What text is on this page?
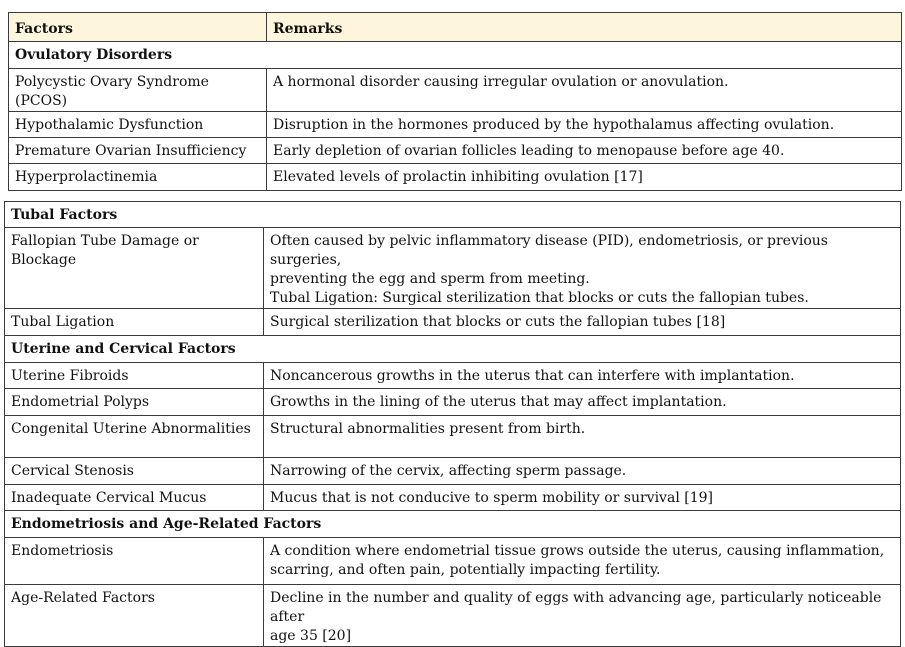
Factors	Remarks
Ovulatory Disorders	
Polycystic Ovary Syndrome (PCOS)	A hormonal disorder causing irregular ovulation or anovulation.
Hypothalamic Dysfunction	Disruption in the hormones produced by the hypothalamus affecting ovulation.
Premature Ovarian Insufficiency	Early depletion of ovarian follicles leading to menopause before age 40.
Hyperprolactinemia	Elevated levels of prolactin inhibiting ovulation [17]
Tubal Factors	
Fallopian Tube Damage or Blockage	Often caused by pelvic inflammatory disease (PID), endometriosis, or previous surgeries,
preventing the egg and sperm from meeting.
Tubal Ligation: Surgical sterilization that blocks or cuts the fallopian tubes.

Tubal Ligation	Surgical sterilization that blocks or cuts the fallopian tubes [18]
Uterine and Cervical Factors	
Uterine Fibroids	Noncancerous growths in the uterus that can interfere with implantation.
Endometrial Polyps	Growths in the lining of the uterus that may affect implantation.
Congenital Uterine Abnormalities	Structural abnormalities present from birth.
Cervical Stenosis	Narrowing of the cervix, affecting sperm passage.
Inadequate Cervical Mucus	Mucus that is not conducive to sperm mobility or survival [19]
Endometriosis and Age-Related Factors	
Endometriosis	A condition where endometrial tissue grows outside the uterus, causing inflammation,
scarring, and often pain, potentially impacting fertility.

Age-Related Factors	Decline in the number and quality of eggs with advancing age, particularly noticeable after
age 35 [20]
